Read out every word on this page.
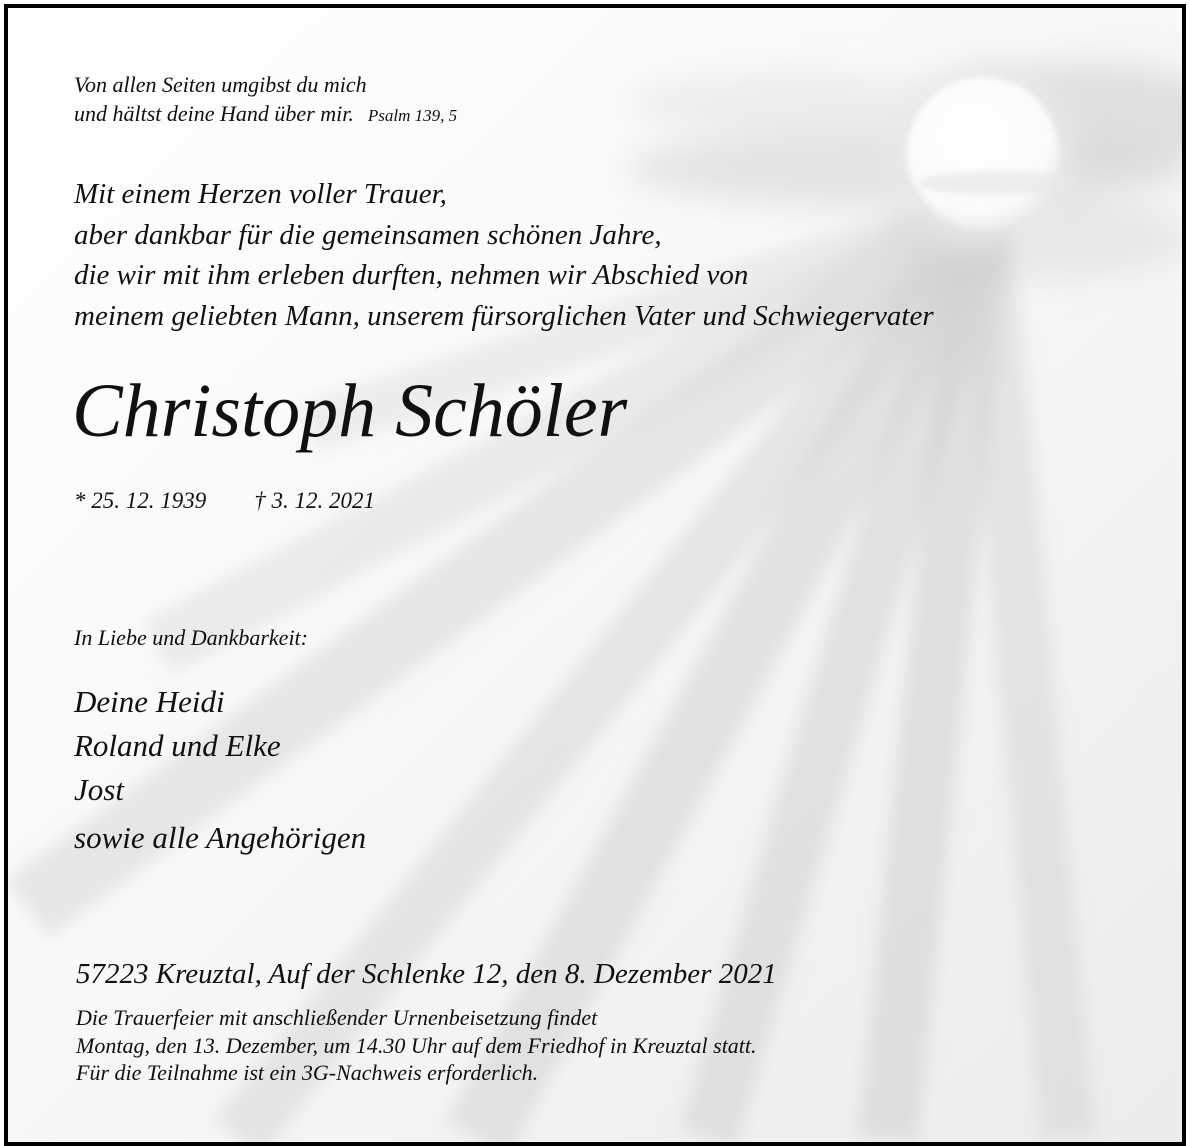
Von allen Seiten umgibst du mich
und hältst deine Hand über mir. Psalm 139, 5
Mit einem Herzen voller Trauer,
aber dankbar für die gemeinsamen schönen Jahre,
die wir mit ihm erleben durften, nehmen wir Abschied von
meinem geliebten Mann, unserem fürsorglichen Vater und Schwiegervater
Christoph Schöler
* 25. 12. 1939 † 3. 12. 2021
In Liebe und Dankbarkeit:
Deine Heidi
Roland und Elke
Jost
sowie alle Angehörigen
57223 Kreuztal, Auf der Schlenke 12, den 8. Dezember 2021
Die Trauerfeier mit anschließender Urnenbeisetzung findet
Montag, den 13. Dezember, um 14.30 Uhr auf dem Friedhof in Kreuztal statt.
Für die Teilnahme ist ein 3G-Nachweis erforderlich.
